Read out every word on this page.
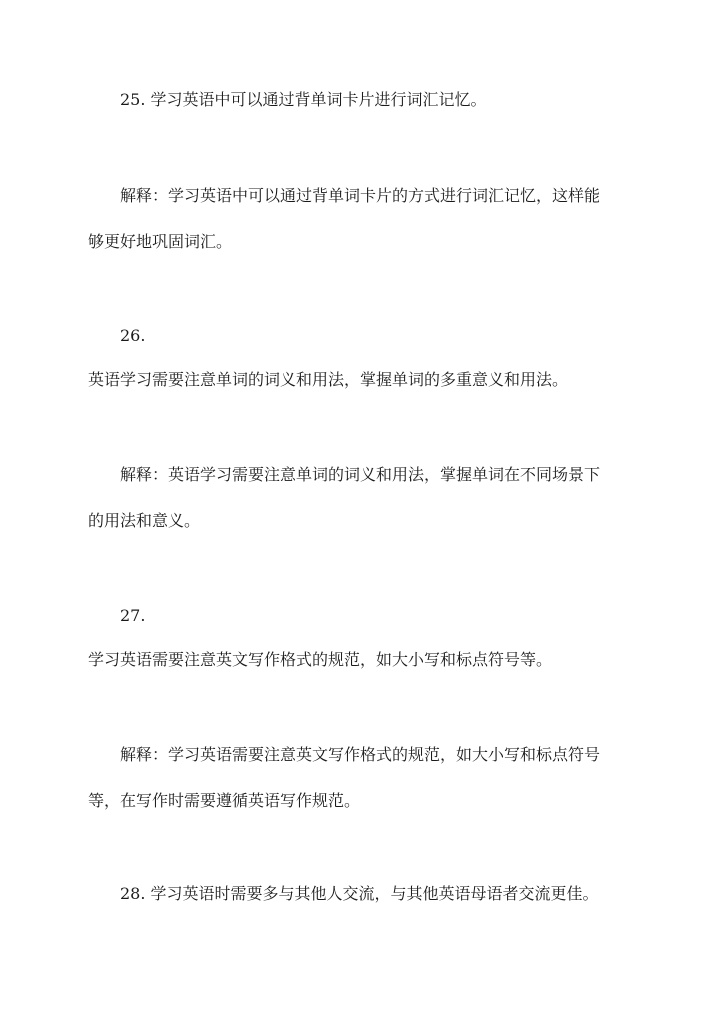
25. 学习英语中可以通过背单词卡片进行词汇记忆。
解释：学习英语中可以通过背单词卡片的方式进行词汇记忆，这样能
够更好地巩固词汇。
26.
英语学习需要注意单词的词义和用法，掌握单词的多重意义和用法。
解释：英语学习需要注意单词的词义和用法，掌握单词在不同场景下
的用法和意义。
27.
学习英语需要注意英文写作格式的规范，如大小写和标点符号等。
解释：学习英语需要注意英文写作格式的规范，如大小写和标点符号
等，在写作时需要遵循英语写作规范。
28. 学习英语时需要多与其他人交流，与其他英语母语者交流更佳。
